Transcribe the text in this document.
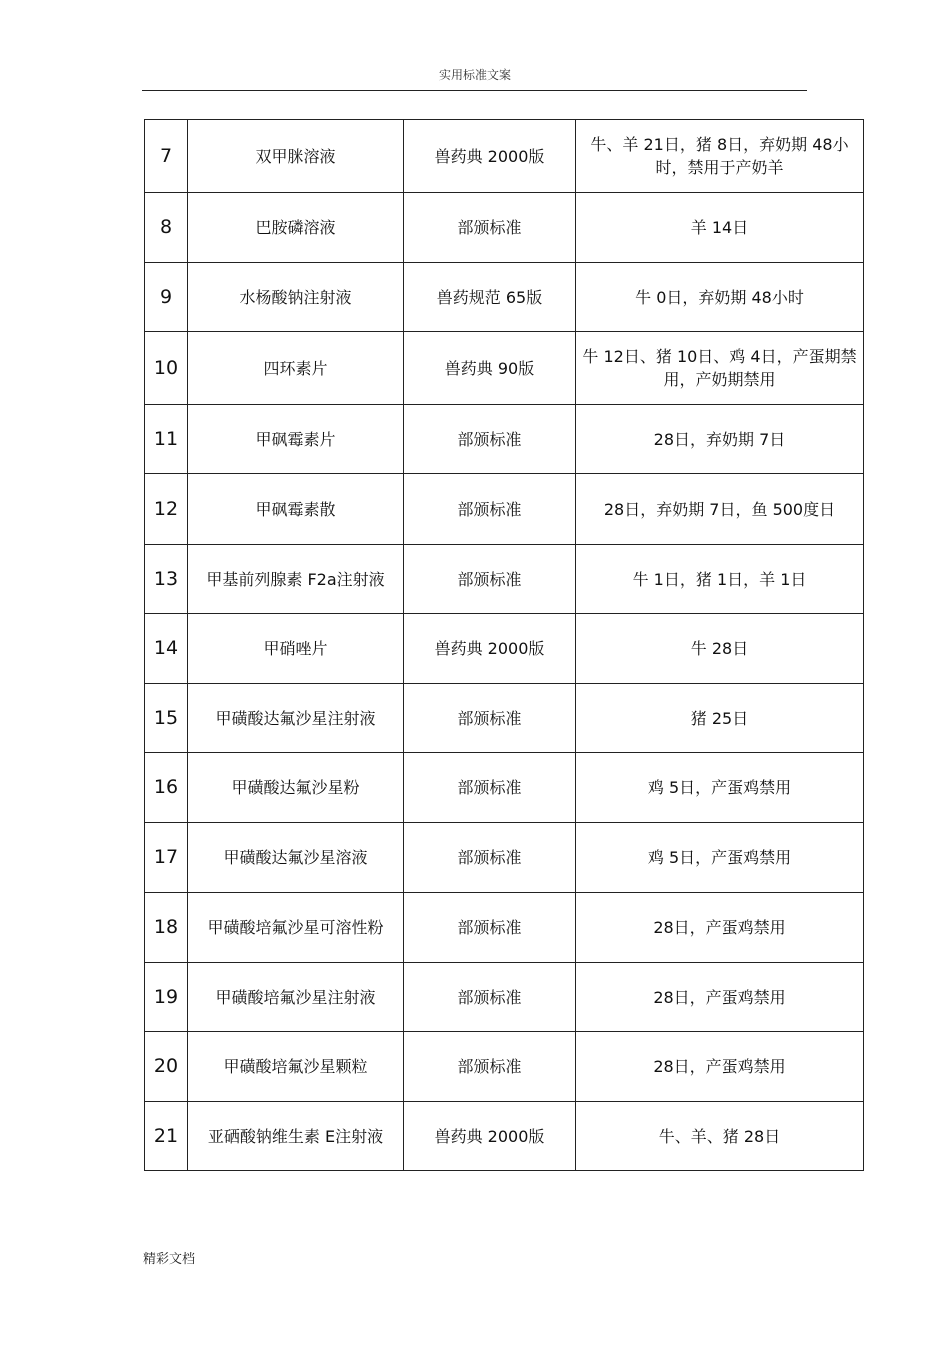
实用标准文案
7	双甲脒溶液	兽药典 2000版	牛、羊 21日，猪 8日，弃奶期 48小时，禁用于产奶羊
8	巴胺磷溶液	部颁标准	羊 14日
9	水杨酸钠注射液	兽药规范 65版	牛 0日，弃奶期 48小时
10	四环素片	兽药典 90版	牛 12日、猪 10日、鸡 4日，产蛋期禁用，产奶期禁用
11	甲砜霉素片	部颁标准	28日，弃奶期 7日
12	甲砜霉素散	部颁标准	28日，弃奶期 7日，鱼 500度日
13	甲基前列腺素 F2a注射液	部颁标准	牛 1日，猪 1日，羊 1日
14	甲硝唑片	兽药典 2000版	牛 28日
15	甲磺酸达氟沙星注射液	部颁标准	猪 25日
16	甲磺酸达氟沙星粉	部颁标准	鸡 5日，产蛋鸡禁用
17	甲磺酸达氟沙星溶液	部颁标准	鸡 5日，产蛋鸡禁用
18	甲磺酸培氟沙星可溶性粉	部颁标准	28日，产蛋鸡禁用
19	甲磺酸培氟沙星注射液	部颁标准	28日，产蛋鸡禁用
20	甲磺酸培氟沙星颗粒	部颁标准	28日，产蛋鸡禁用
21	亚硒酸钠维生素 E注射液	兽药典 2000版	牛、羊、猪 28日
精彩文档
